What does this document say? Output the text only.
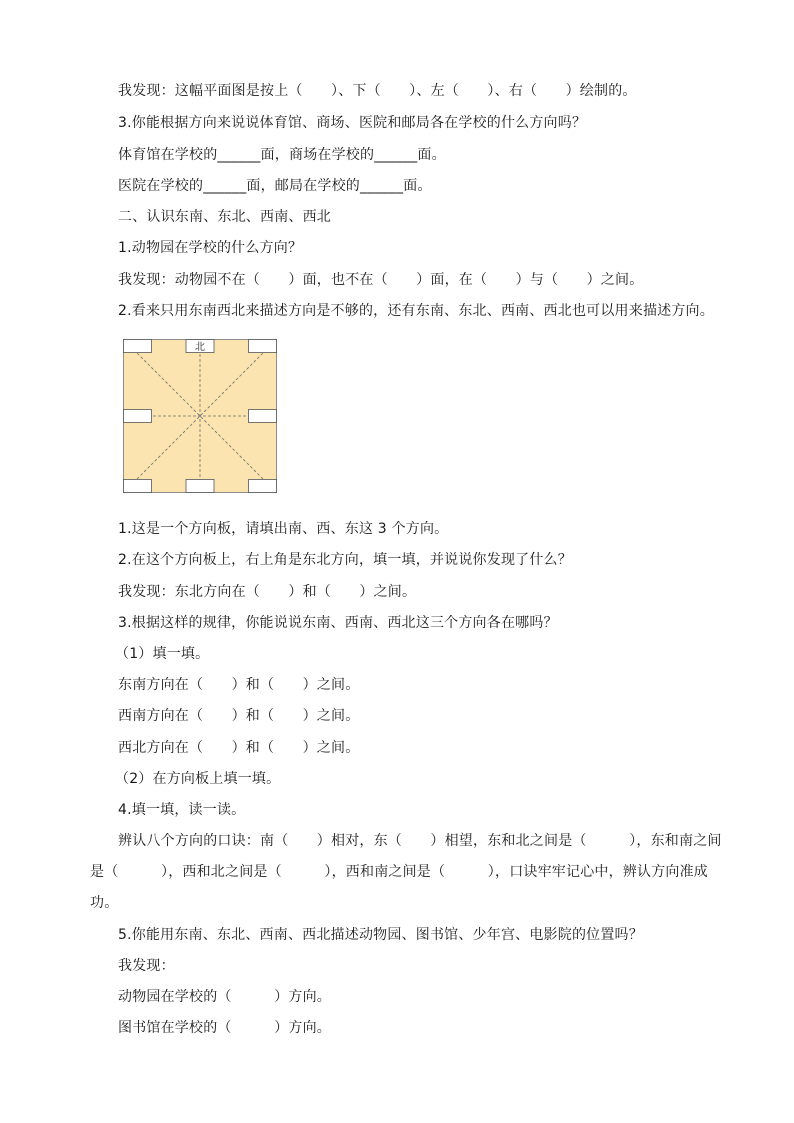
我发现：这幅平面图是按上（　　）、下（　　）、左（　　）、右（　　）绘制的。
3.你能根据方向来说说体育馆、商场、医院和邮局各在学校的什么方向吗？
体育馆在学校的______面，商场在学校的______面。
医院在学校的______面，邮局在学校的______面。
二、认识东南、东北、西南、西北
1.动物园在学校的什么方向？
我发现：动物园不在（　　）面，也不在（　　）面，在（　　）与（　　）之间。
2.看来只用东南西北来描述方向是不够的，还有东南、东北、西南、西北也可以用来描述方向。
北
1.这是一个方向板，请填出南、西、东这 3 个方向。
2.在这个方向板上，右上角是东北方向，填一填，并说说你发现了什么？
我发现：东北方向在（　　）和（　　）之间。
3.根据这样的规律，你能说说东南、西南、西北这三个方向各在哪吗？
（1）填一填。
东南方向在（　　）和（　　）之间。
西南方向在（　　）和（　　）之间。
西北方向在（　　）和（　　）之间。
（2）在方向板上填一填。
4.填一填，读一读。
辨认八个方向的口诀：南（　　）相对，东（　　）相望，东和北之间是（　　　），东和南之间
是（　　　），西和北之间是（　　　），西和南之间是（　　　），口诀牢牢记心中，辨认方向准成
功。
5.你能用东南、东北、西南、西北描述动物园、图书馆、少年宫、电影院的位置吗？
我发现：
动物园在学校的（　　　）方向。
图书馆在学校的（　　　）方向。
